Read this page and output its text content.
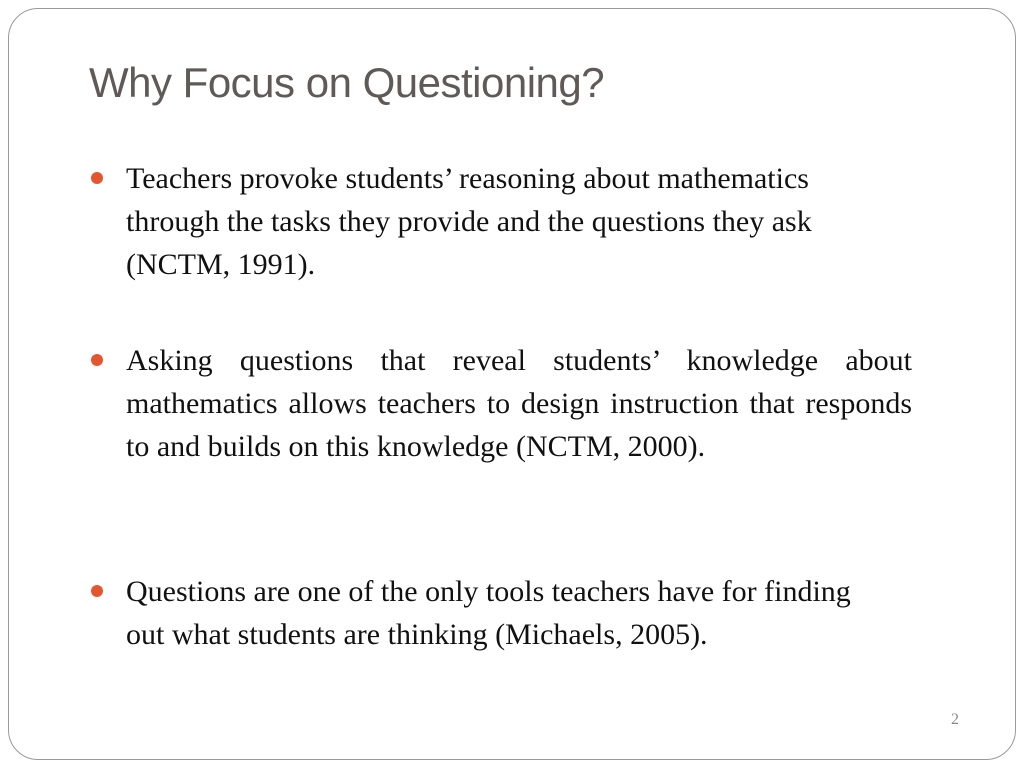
Why Focus on Questioning?

Teachers provoke students’ reasoning about mathematics through the tasks they provide and the questions they ask (NCTM, 1991).

Asking questions that reveal students’ knowledge about mathematics allows teachers to design instruction that responds to and builds on this knowledge (NCTM, 2000).

Questions are one of the only tools teachers have for finding out what students are thinking (Michaels, 2005).

2
